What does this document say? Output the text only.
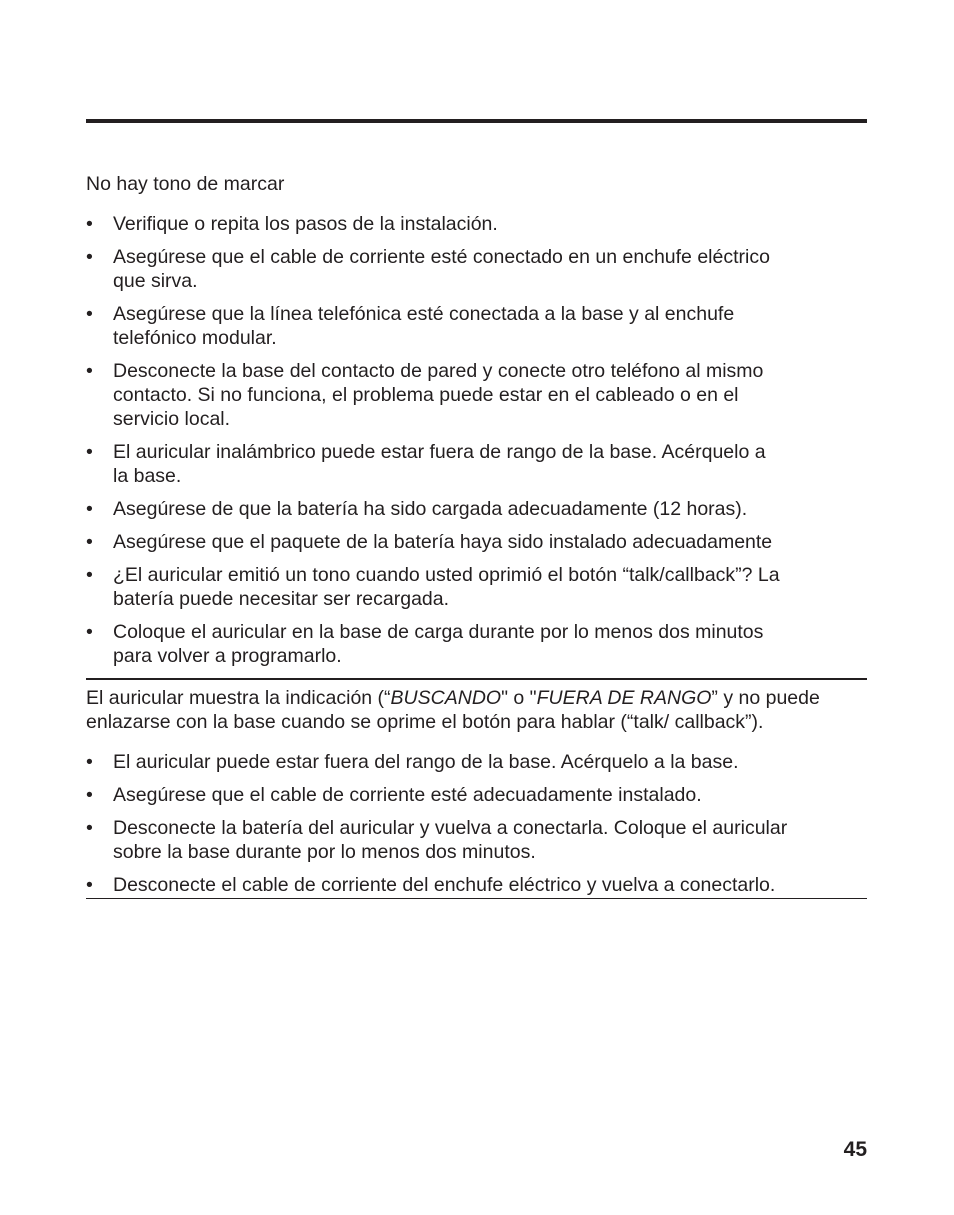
No hay tono de marcar

•	Verifique o repita los pasos de la instalación.
•	Asegúrese que el cable de corriente esté conectado en un enchufe eléctrico
que sirva.
•	Asegúrese que la línea telefónica esté conectada a la base y al enchufe
telefónico modular.
•	Desconecte la base del contacto de pared y conecte otro teléfono al mismo
contacto. Si no funciona, el problema puede estar en el cableado o en el
servicio local.
•	El auricular inalámbrico puede estar fuera de rango de la base. Acérquelo a
la base.
•	Asegúrese de que la batería ha sido cargada adecuadamente (12 horas).
•	Asegúrese que el paquete de la batería haya sido instalado adecuadamente
•	¿El auricular emitió un tono cuando usted oprimió el botón “talk/callback”? La
batería puede necesitar ser recargada.
•	Coloque el auricular en la base de carga durante por lo menos dos minutos
para volver a programarlo.

El auricular muestra la indicación (“BUSCANDO" o "FUERA DE RANGO” y no puede
enlazarse con la base cuando se oprime el botón para hablar (“talk/ callback”).

•	El auricular puede estar fuera del rango de la base. Acérquelo a la base.
•	Asegúrese que el cable de corriente esté adecuadamente instalado.
•	Desconecte la batería del auricular y vuelva a conectarla. Coloque el auricular
sobre la base durante por lo menos dos minutos.
•	Desconecte el cable de corriente del enchufe eléctrico y vuelva a conectarlo.
45
